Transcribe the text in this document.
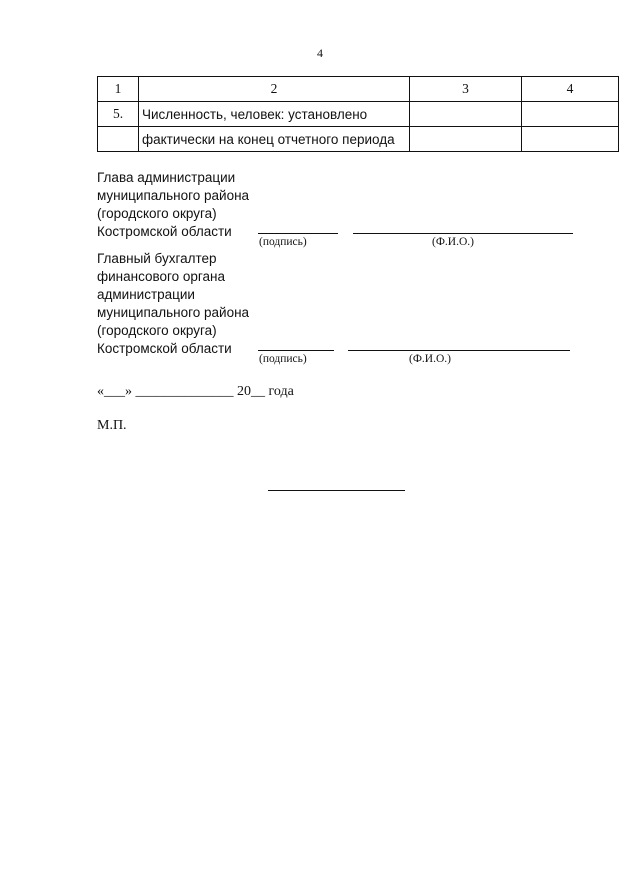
4
1	2	3	4
5.	Численность, человек: установлено		
	фактически на конец отчетного периода		
Глава администрации
муниципального района
(городского округа)
Костромской области
(подпись)	(Ф.И.О.)
Главный бухгалтер
финансового органа
администрации
муниципального района
(городского округа)
Костромской области
(подпись)	(Ф.И.О.)
«___» ______________ 20__ года
М.П.
